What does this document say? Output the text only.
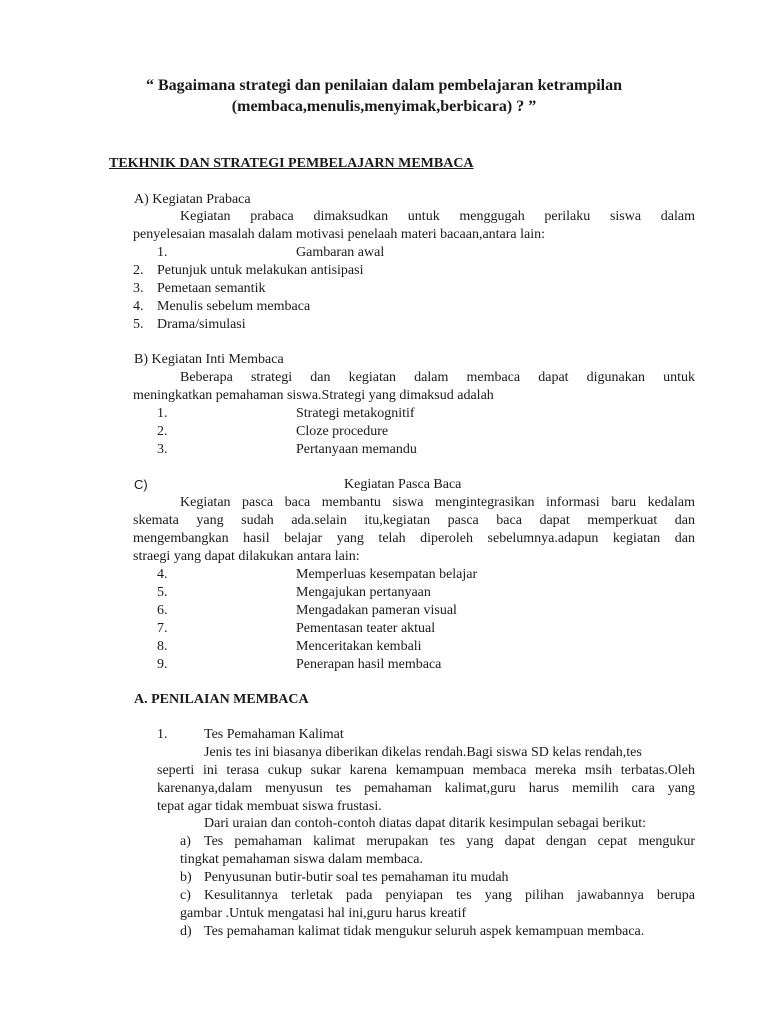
“ Bagaimana strategi dan penilaian dalam pembelajaran ketrampilan
(membaca,menulis,menyimak,berbicara) ? ”
TEKHNIK DAN STRATEGI PEMBELAJARN MEMBACA
A) Kegiatan Prabaca
Kegiatan prabaca dimaksudkan untuk menggugah perilaku siswa dalam
penyelesaian masalah dalam motivasi penelaah materi bacaan,antara lain:
1.	Gambaran awal
2. Petunjuk untuk melakukan antisipasi
3. Pemetaan semantik
4. Menulis sebelum membaca
5. Drama/simulasi
B) Kegiatan Inti Membaca
Beberapa strategi dan kegiatan dalam membaca dapat digunakan untuk
meningkatkan pemahaman siswa.Strategi yang dimaksud adalah
1.	Strategi metakognitif
2.	Cloze procedure
3.	Pertanyaan memandu
C)	Kegiatan Pasca Baca
Kegiatan pasca baca membantu siswa mengintegrasikan informasi baru kedalam
skemata yang sudah ada.selain itu,kegiatan pasca baca dapat memperkuat dan
mengembangkan hasil belajar yang telah diperoleh sebelumnya.adapun kegiatan dan
straegi yang dapat dilakukan antara lain:
4.	Memperluas kesempatan belajar
5.	Mengajukan pertanyaan
6.	Mengadakan pameran visual
7.	Pementasan teater aktual
8.	Menceritakan kembali
9.	Penerapan hasil membaca
A. PENILAIAN MEMBACA
1.	Tes Pemahaman Kalimat
Jenis tes ini biasanya diberikan dikelas rendah.Bagi siswa SD kelas rendah,tes
seperti ini terasa cukup sukar karena kemampuan membaca mereka msih terbatas.Oleh
karenanya,dalam menyusun tes pemahaman kalimat,guru harus memilih cara yang
tepat agar tidak membuat siswa frustasi.
Dari uraian dan contoh-contoh diatas dapat ditarik kesimpulan sebagai berikut:
a) Tes pemahaman kalimat merupakan tes yang dapat dengan cepat mengukur
tingkat pemahaman siswa dalam membaca.
b) Penyusunan butir-butir soal tes pemahaman itu mudah
c) Kesulitannya terletak pada penyiapan tes yang pilihan jawabannya berupa
gambar .Untuk mengatasi hal ini,guru harus kreatif
d) Tes pemahaman kalimat tidak mengukur seluruh aspek kemampuan membaca.
